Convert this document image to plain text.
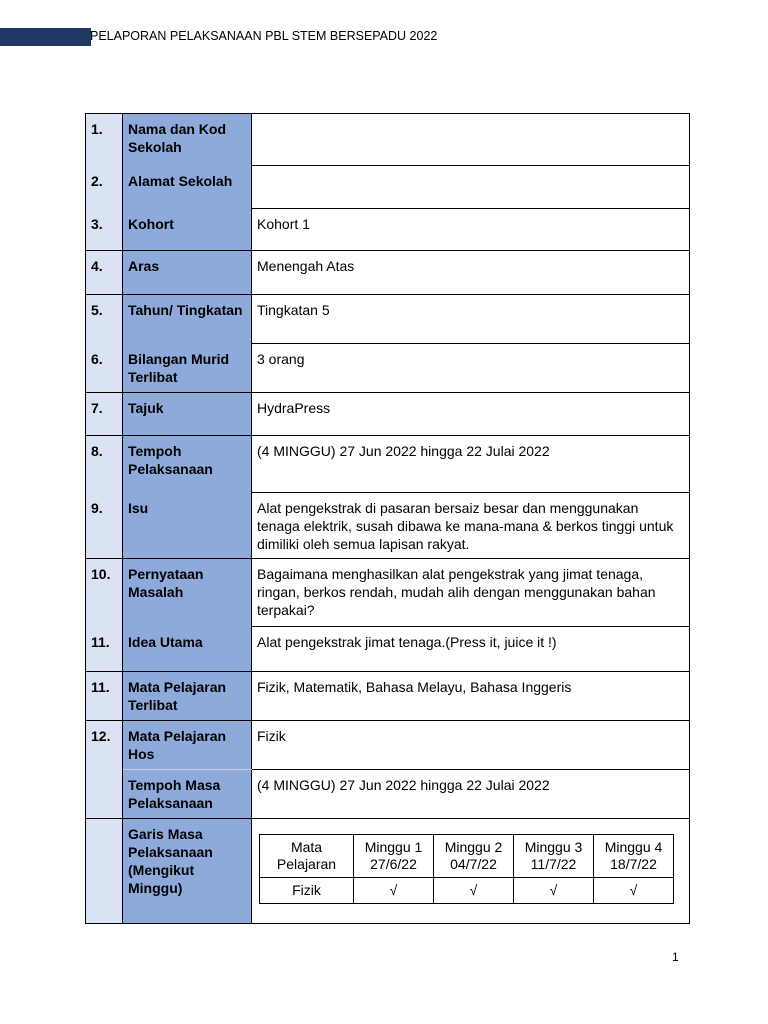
PELAPORAN PELAKSANAAN PBL STEM BERSEPADU 2022
1.	Nama dan Kod Sekolah	
2.	Alamat Sekolah	
3.	Kohort	Kohort 1
4.	Aras	Menengah Atas
5.	Tahun/ Tingkatan	Tingkatan 5
6.	Bilangan Murid Terlibat	3 orang
7.	Tajuk	HydraPress
8.	Tempoh Pelaksanaan	(4 MINGGU) 27 Jun 2022 hingga 22 Julai 2022
9.	Isu	Alat pengekstrak di pasaran bersaiz besar dan menggunakan tenaga elektrik, susah dibawa ke mana-mana & berkos tinggi untuk dimiliki oleh semua lapisan rakyat.
10.	Pernyataan Masalah	Bagaimana menghasilkan alat pengekstrak yang jimat tenaga, ringan, berkos rendah, mudah alih dengan menggunakan bahan terpakai?
11.	Idea Utama	Alat pengekstrak jimat tenaga.(Press it, juice it !)
11.	Mata Pelajaran Terlibat	Fizik, Matematik, Bahasa Melayu, Bahasa Inggeris
12.	Mata Pelajaran Hos	Fizik
	Tempoh Masa Pelaksanaan	(4 MINGGU) 27 Jun 2022 hingga 22 Julai 2022
	Garis Masa Pelaksanaan (Mengikut Minggu)	
Mata Pelajaran	Minggu 1 27/6/22	Minggu 2 04/7/22	Minggu 3 11/7/22	Minggu 4 18/7/22
Fizik	√	√	√	√
1
